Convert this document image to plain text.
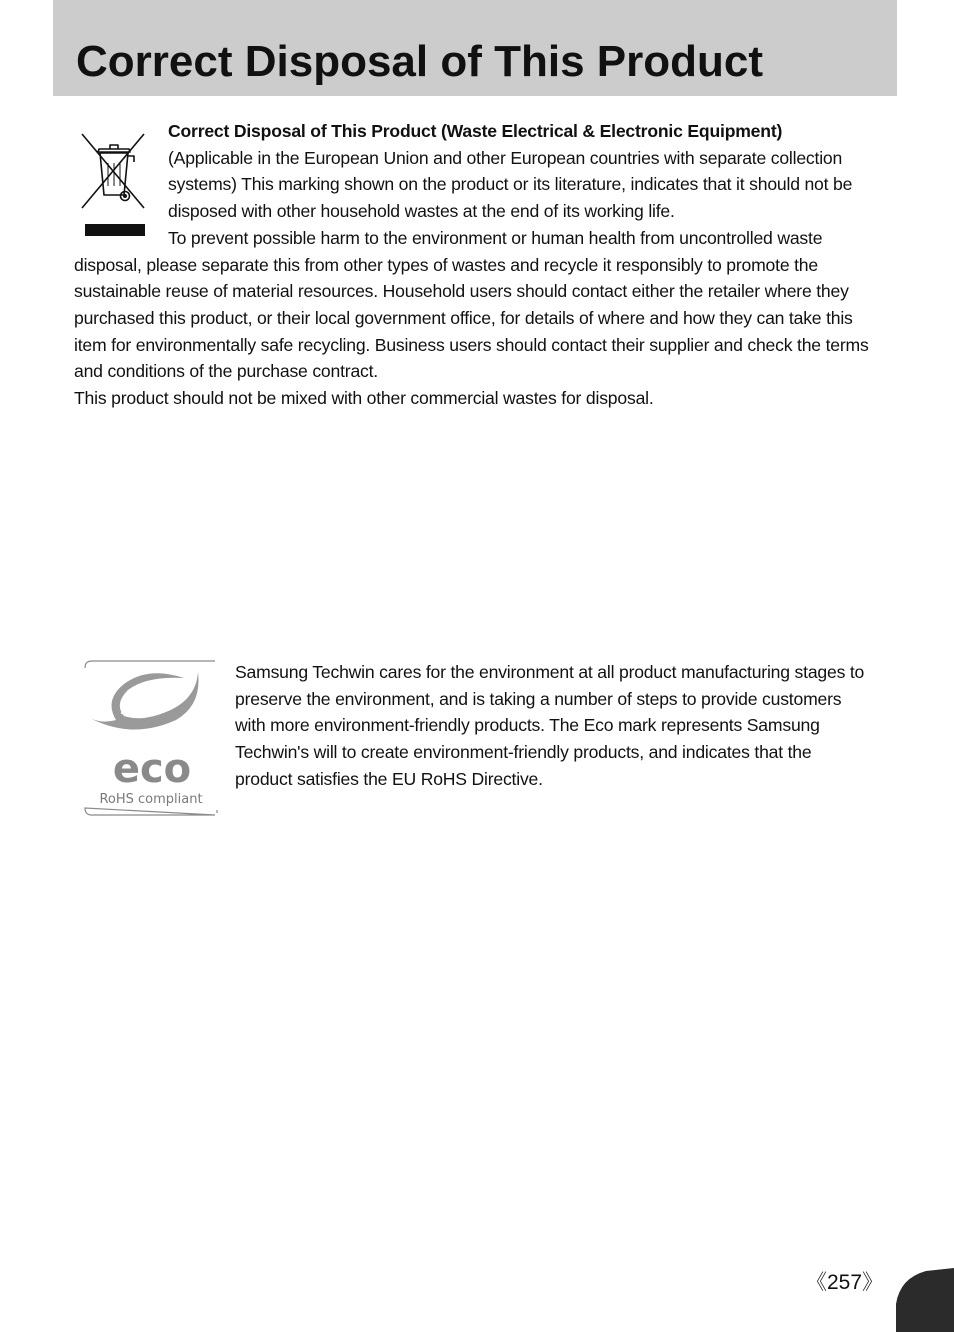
Correct Disposal of This Product
Correct Disposal of This Product (Waste Electrical & Electronic Equipment)
(Applicable in the European Union and other European countries with separate collection
systems) This marking shown on the product or its literature, indicates that it should not be
disposed with other household wastes at the end of its working life.
To prevent possible harm to the environment or human health from uncontrolled waste
disposal, please separate this from other types of wastes and recycle it responsibly to promote the
sustainable reuse of material resources. Household users should contact either the retailer where they
purchased this product, or their local government office, for details of where and how they can take this
item for environmentally safe recycling. Business users should contact their supplier and check the terms
and conditions of the purchase contract.
This product should not be mixed with other commercial wastes for disposal.
eco
RoHS compliant
Samsung Techwin cares for the environment at all product manufacturing stages to
preserve the environment, and is taking a number of steps to provide customers
with more environment-friendly products. The Eco mark represents Samsung
Techwin's will to create environment-friendly products, and indicates that the
product satisfies the EU RoHS Directive.
《257》
